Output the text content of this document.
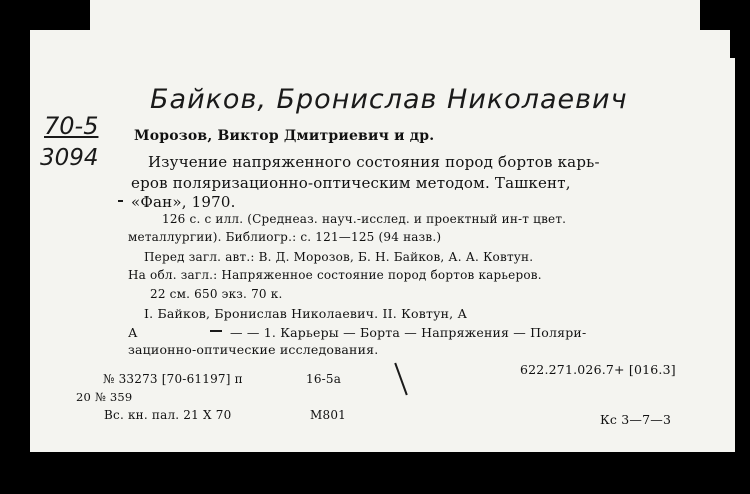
Байков, Бронислав Николаевич
70-5
3094
Морозов, Виктор Дмитриевич и др.
Изучение напряженного состояния пород бортов карь-
еров поляризационно-оптическим методом. Ташкент,
«Фан», 1970.
126 с. с илл. (Среднеаз. науч.-исслед. и проектный ин-т цвет.
металлургии). Библиогр.: с. 121—125 (94 назв.)
Перед загл. авт.: В. Д. Морозов, Б. Н. Байков, А. А. Ковтун.
На обл. загл.: Напряженное состояние пород бортов карьеров.
22 см. 650 экз. 70 к.
I. Байков, Бронислав Николаевич. II. Ковтун, А
А	— — 1. Карьеры — Борта — Напряжения — Поляри-
зационно-оптические исследования.
622.271.026.7+ [016.3]
№ 33273 [70-61197] п	16-5а
20 № 359
Вс. кн. пал. 21 X 70	М801	Кс 3—7—3
